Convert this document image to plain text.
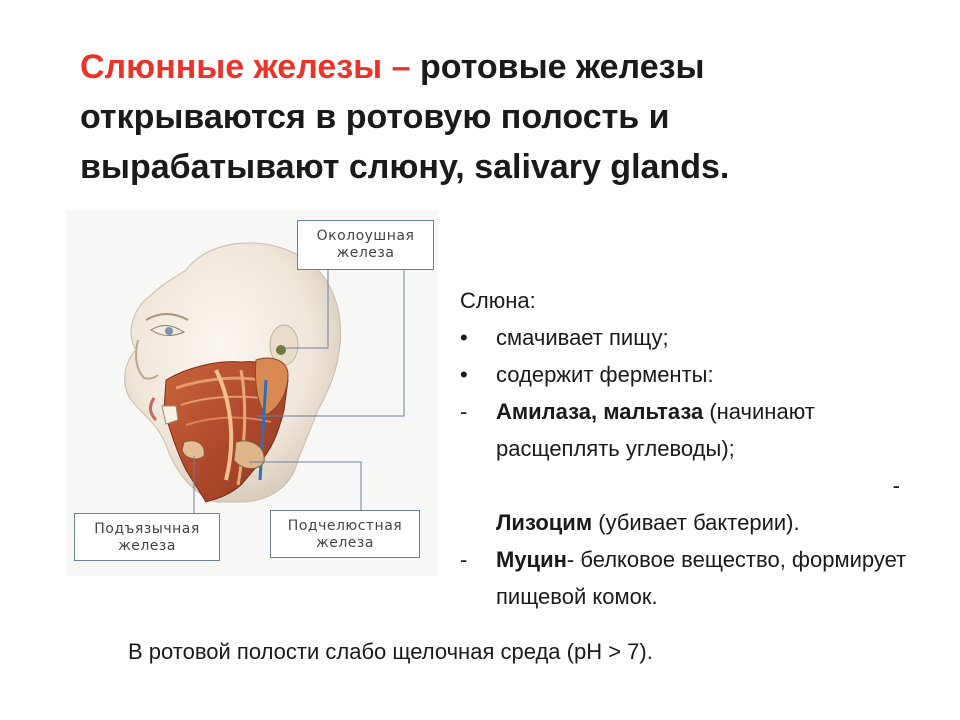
Слюнные железы – ротовые железы открываются в ротовую полость и вырабатывают слюну, salivary glands.
Околоушная
железа
Подъязычная
железа
Подчелюстная
железа
Слюна:
•	смачивает пищу;
•	содержит ферменты:
-	Амилаза, мальтаза (начинают расщеплять углеводы);
-
Лизоцим (убивает бактерии).
-	Муцин- белковое вещество, формирует пищевой комок.
В ротовой полости слабо щелочная среда (pH > 7).
